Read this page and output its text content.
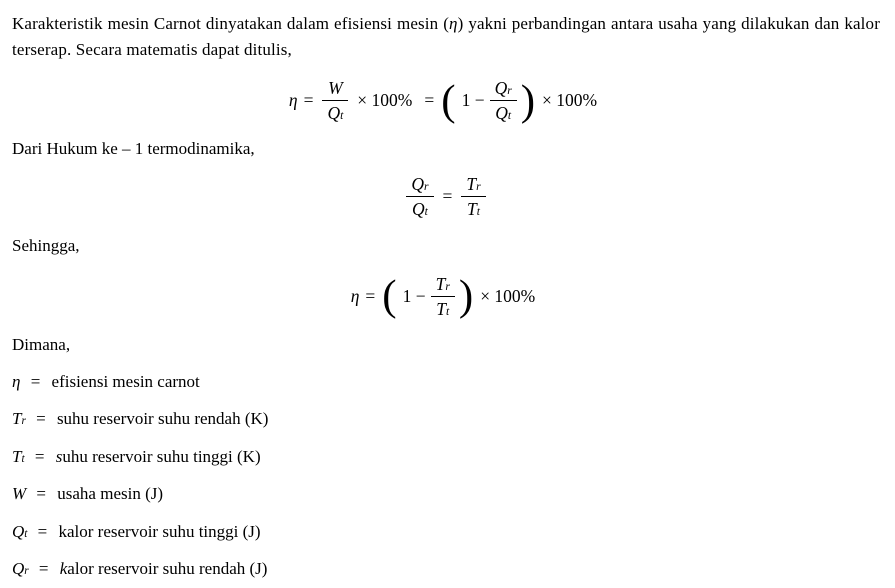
Karakteristik mesin Carnot dinyatakan dalam efisiensi mesin (η) yakni perbandingan antara usaha yang dilakukan dan kalor terserap. Secara matematis dapat ditulis,

$\eta = \frac{W}{Qt} \times 100\%$ = ( $1 - \frac{Qr}{Qt}$ ) × 100%

Dari Hukum ke – 1 termodinamika,

$\frac{Qr}{Qt} = \frac{Tr}{Tt}$

Sehingga,

η = ( $1 - \frac{Tr}{Tt}$ ) × 100%

Dimana,

η = efisiensi mesin carnot
Tr = suhu reservoir suhu rendah (K)
Tt = suhu reservoir suhu tinggi (K)
W = usaha mesin (J)
Qt = kalor reservoir suhu tinggi (J)
Qr = kalor reservoir suhu rendah (J)
